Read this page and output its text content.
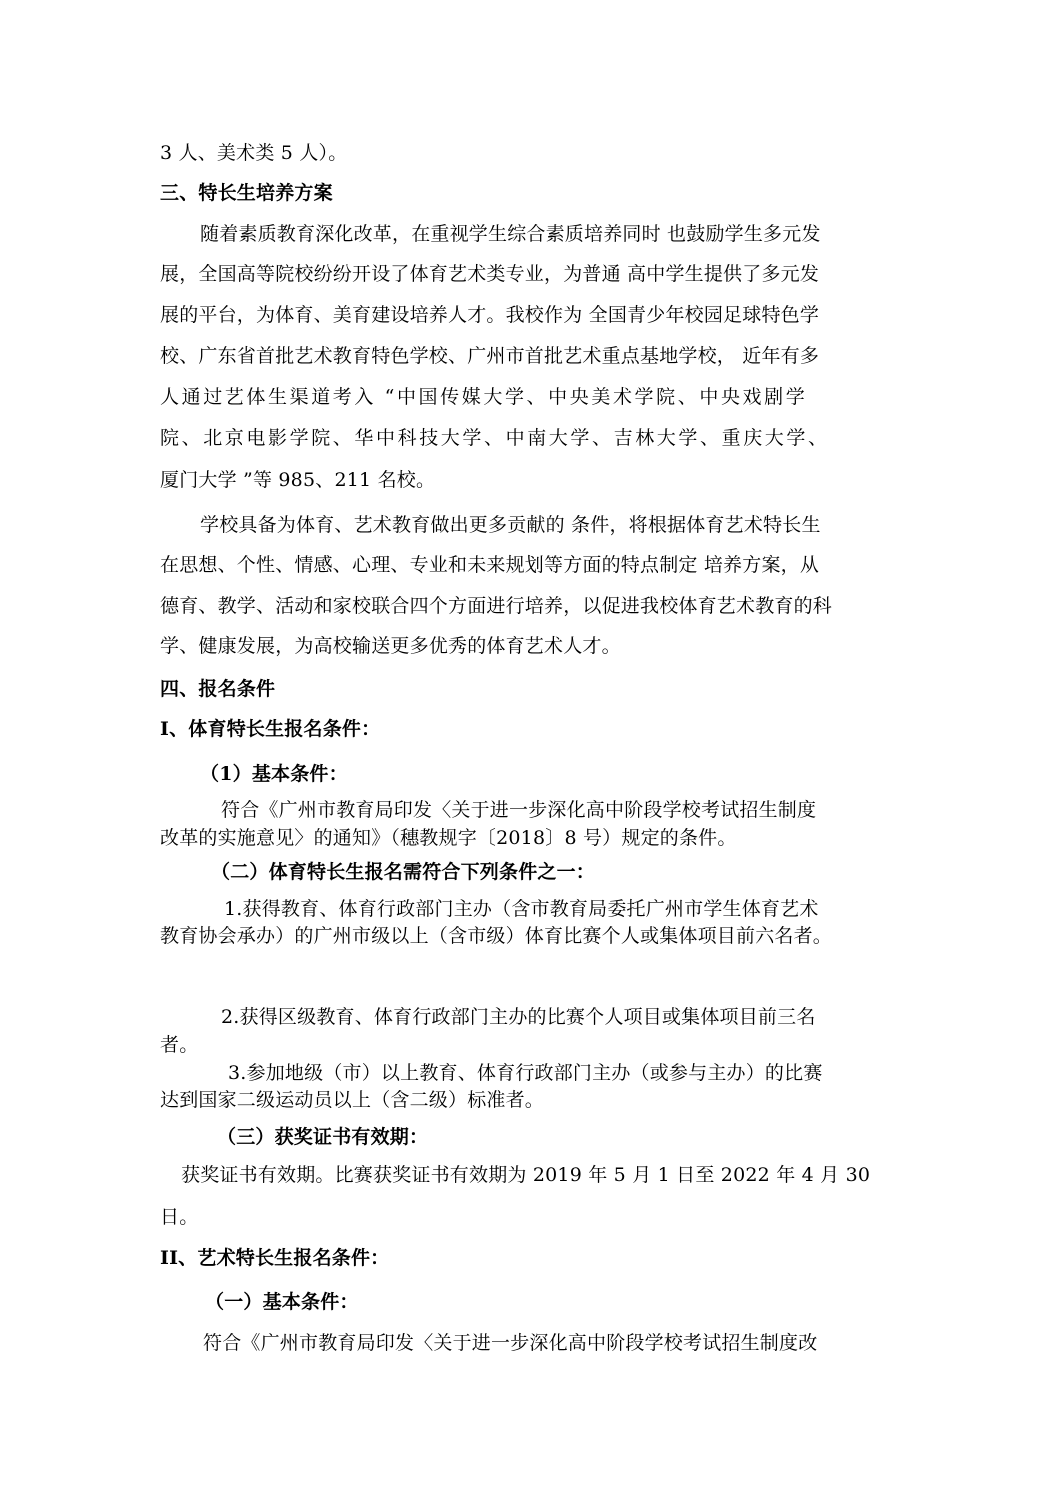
3 人、美术类 5 人）。
三、特长生培养方案
随着素质教育深化改革，在重视学生综合素质培养同时 也鼓励学生多元发
展，全国高等院校纷纷开设了体育艺术类专业，为普通 高中学生提供了多元发
展的平台，为体育、美育建设培养人才。我校作为 全国青少年校园足球特色学
校、广东省首批艺术教育特色学校、广州市首批艺术重点基地学校， 近年有多
人通过艺体生渠道考入 “中国传媒大学、中央美术学院、中央戏剧学
院、北京电影学院、华中科技大学、中南大学、吉林大学、重庆大学、
厦门大学 ”等 985、211 名校。
学校具备为体育、艺术教育做出更多贡献的 条件，将根据体育艺术特长生
在思想、个性、情感、心理、专业和未来规划等方面的特点制定 培养方案，从
德育、教学、活动和家校联合四个方面进行培养，以促进我校体育艺术教育的科
学、健康发展，为高校输送更多优秀的体育艺术人才。
四、报名条件
I、体育特长生报名条件：
（1）基本条件：
符合《广州市教育局印发〈关于进一步深化高中阶段学校考试招生制度
改革的实施意见〉的通知》（穗教规字〔2018〕8 号）规定的条件。
（二）体育特长生报名需符合下列条件之一：
1.获得教育、体育行政部门主办（含市教育局委托广州市学生体育艺术
教育协会承办）的广州市级以上（含市级）体育比赛个人或集体项目前六名者。
2.获得区级教育、体育行政部门主办的比赛个人项目或集体项目前三名
者。
3.参加地级（市）以上教育、体育行政部门主办（或参与主办）的比赛
达到国家二级运动员以上（含二级）标准者。
（三）获奖证书有效期：
获奖证书有效期。比赛获奖证书有效期为 2019 年 5 月 1 日至 2022 年 4 月 30
日。
II、艺术特长生报名条件：
（一）基本条件：
符合《广州市教育局印发〈关于进一步深化高中阶段学校考试招生制度改
